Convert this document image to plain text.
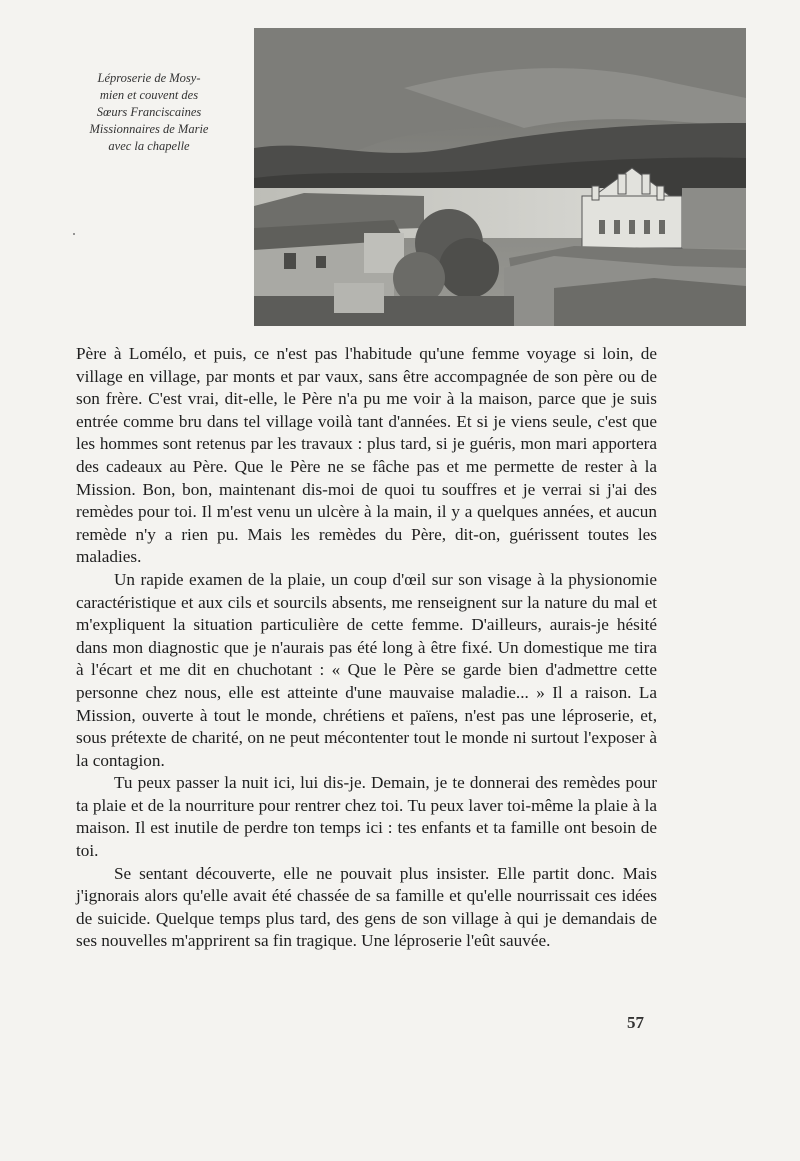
Léproserie de Mosy-
mien et couvent des
Sœurs Franciscaines
Missionnaires de Marie
avec la chapelle

Père à Lomélo, et puis, ce n'est pas l'habitude qu'une femme voyage si loin, de village en village, par monts et par vaux, sans être accompagnée de son père ou de son frère. C'est vrai, dit-elle, le Père n'a pu me voir à la maison, parce que je suis entrée comme bru dans tel village voilà tant d'années. Et si je viens seule, c'est que les hommes sont retenus par les travaux : plus tard, si je guéris, mon mari apportera des cadeaux au Père. Que le Père ne se fâche pas et me permette de rester à la Mission. Bon, bon, maintenant dis-moi de quoi tu souffres et je verrai si j'ai des remèdes pour toi. Il m'est venu un ulcère à la main, il y a quelques années, et aucun remède n'y a rien pu. Mais les remèdes du Père, dit-on, guérissent toutes les maladies.

Un rapide examen de la plaie, un coup d'œil sur son visage à la physionomie caractéristique et aux cils et sourcils absents, me renseignent sur la nature du mal et m'expliquent la situation particulière de cette femme. D'ailleurs, aurais-je hésité dans mon diagnostic que je n'aurais pas été long à être fixé. Un domestique me tira à l'écart et me dit en chuchotant : « Que le Père se garde bien d'admettre cette personne chez nous, elle est atteinte d'une mauvaise maladie... » Il a raison. La Mission, ouverte à tout le monde, chrétiens et païens, n'est pas une léproserie, et, sous prétexte de charité, on ne peut mécontenter tout le monde ni surtout l'exposer à la contagion.

Tu peux passer la nuit ici, lui dis-je. Demain, je te donnerai des remèdes pour ta plaie et de la nourriture pour rentrer chez toi. Tu peux laver toi-même la plaie à la maison. Il est inutile de perdre ton temps ici : tes enfants et ta famille ont besoin de toi.

Se sentant découverte, elle ne pouvait plus insister. Elle partit donc. Mais j'ignorais alors qu'elle avait été chassée de sa famille et qu'elle nourrissait ces idées de suicide. Quelque temps plus tard, des gens de son village à qui je demandais de ses nouvelles m'apprirent sa fin tragique. Une léproserie l'eût sauvée.

57
